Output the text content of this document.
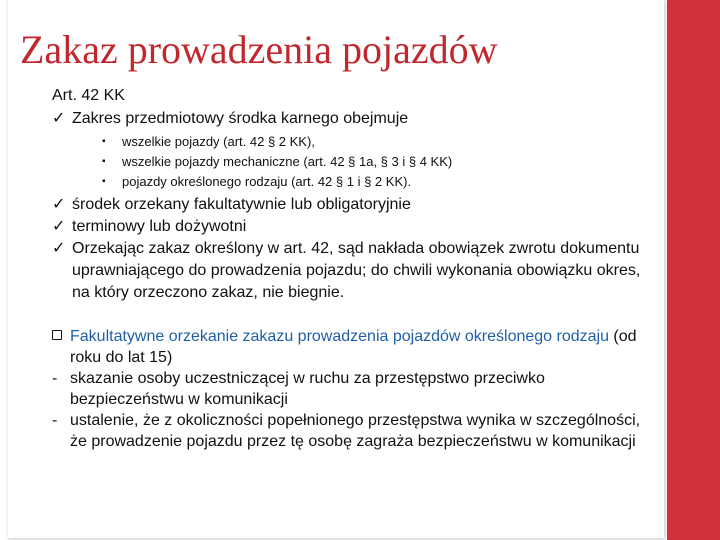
Zakaz prowadzenia pojazdów
Art. 42 KK
✓ Zakres przedmiotowy środka karnego obejmuje
▪ wszelkie pojazdy (art. 42 § 2 KK),
▪ wszelkie pojazdy mechaniczne (art. 42 § 1a, § 3 i § 4 KK)
▪ pojazdy określonego rodzaju (art. 42 § 1 i § 2 KK).
✓ środek orzekany fakultatywnie lub obligatoryjnie
✓ terminowy lub dożywotni
✓ Orzekając zakaz określony w art. 42, sąd nakłada obowiązek zwrotu dokumentu uprawniającego do prowadzenia pojazdu; do chwili wykonania obowiązku okres, na który orzeczono zakaz, nie biegnie.
Fakultatywne orzekanie zakazu prowadzenia pojazdów określonego rodzaju (od roku do lat 15)
- skazanie osoby uczestniczącej w ruchu za przestępstwo przeciwko bezpieczeństwu w komunikacji
- ustalenie, że z okoliczności popełnionego przestępstwa wynika w szczególności, że prowadzenie pojazdu przez tę osobę zagraża bezpieczeństwu w komunikacji
